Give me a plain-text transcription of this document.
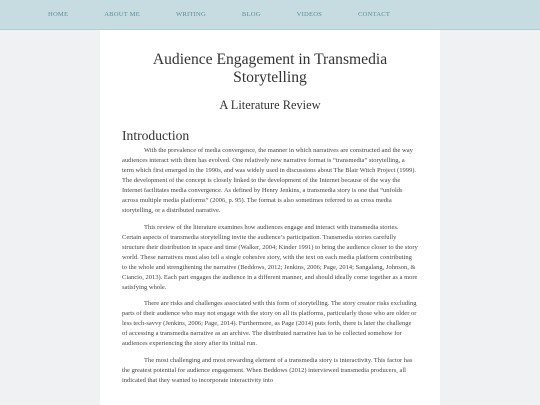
HOME	ABOUT ME	WRITING	BLOG	VIDEOS	CONTACT
Audience Engagement in Transmedia Storytelling
A Literature Review
Introduction

With the prevalence of media convergence, the manner in which narratives are constructed and the way audiences interact with them has evolved. One relatively new narrative format is “transmedia” storytelling, a term which first emerged in the 1990s, and was widely used in discussions about The Blair Witch Project (1999). The development of the concept is closely linked to the development of the Internet because of the way the Internet facilitates media convergence. As defined by Henry Jenkins, a transmedia story is one that “unfolds across multiple media platforms” (2006, p. 95). The format is also sometimes referred to as cross media storytelling, or a distributed narrative.

This review of the literature examines how audiences engage and interact with transmedia stories. Certain aspects of transmedia storytelling invite the audience’s participation. Transmedia stories carefully structure their distribution in space and time (Walker, 2004; Kinder 1991) to bring the audience closer to the story world. These narratives must also tell a single cohesive story, with the text on each media platform contributing to the whole and strengthening the narrative (Beddows, 2012; Jenkins, 2006; Page, 2014; Sangalang, Johnson, & Ciancio, 2013). Each part engages the audience in a different manner, and should ideally come together as a more satisfying whole.

There are risks and challenges associated with this form of storytelling. The story creator risks excluding parts of their audience who may not engage with the story on all its platforms, particularly those who are older or less tech-savvy (Jenkins, 2006; Page, 2014). Furthermore, as Page (2014) puts forth, there is later the challenge of accessing a transmedia narrative as an archive. The distributed narrative has to be collected somehow for audiences experiencing the story after its initial run.

The most challenging and most rewarding element of a transmedia story is interactivity. This factor has the greatest potential for audience engagement. When Beddows (2012) interviewed transmedia producers, all indicated that they wanted to incorporate interactivity into
